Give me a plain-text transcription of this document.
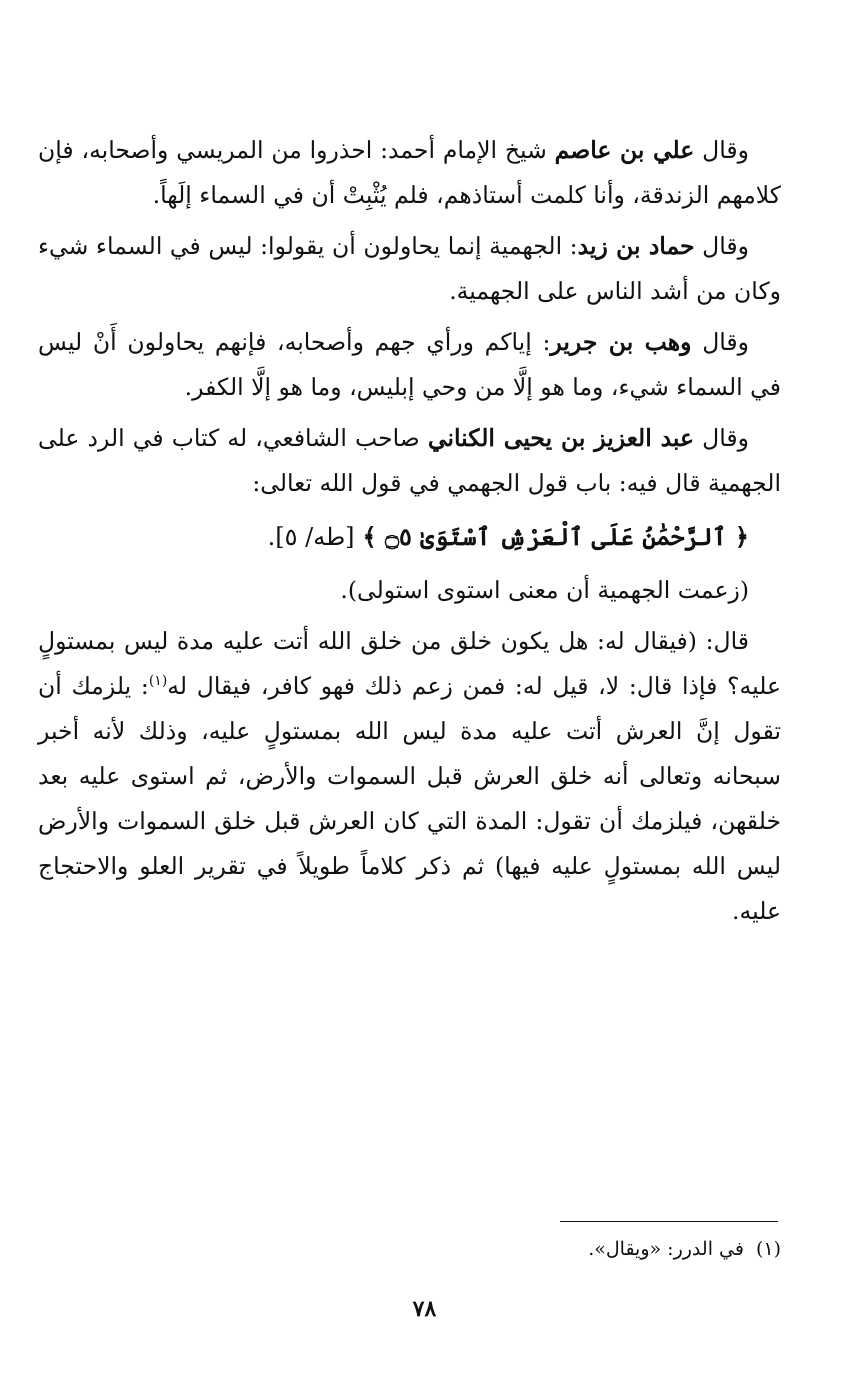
وقال علي بن عاصم شيخ الإمام أحمد: احذروا من المريسي وأصحابه، فإن كلامهم الزندقة، وأنا كلمت أستاذهم، فلم يُثْبِتْ أن في السماء إلَهاً.

وقال حماد بن زيد: الجهمية إنما يحاولون أن يقولوا: ليس في السماء شيء وكان من أشد الناس على الجهمية.

وقال وهب بن جرير: إياكم ورأي جهم وأصحابه، فإنهم يحاولون أَنْ ليس في السماء شيء، وما هو إلَّا من وحي إبليس، وما هو إلَّا الكفر.

وقال عبد العزيز بن يحيى الكناني صاحب الشافعي، له كتاب في الرد على الجهمية قال فيه: باب قول الجهمي في قول الله تعالى:

﴿ ٱلرَّحْمَٰنُ عَلَى ٱلْعَرْشِ ٱسْتَوَىٰ ۝٥ ﴾[طه/ ٥].

(زعمت الجهمية أن معنى استوى استولى).

قال: (فيقال له: هل يكون خلق من خلق الله أتت عليه مدة ليس بمستولٍ عليه؟ فإذا قال: لا، قيل له: فمن زعم ذلك فهو كافر، فيقال له$^{(١)}$: يلزمك أن تقول إنَّ العرش أتت عليه مدة ليس الله بمستولٍ عليه، وذلك لأنه أخبر سبحانه وتعالى أنه خلق العرش قبل السموات والأرض، ثم استوى عليه بعد خلقهن، فيلزمك أن تقول: المدة التي كان العرش قبل خلق السموات والأرض ليس الله بمستولٍ عليه فيها) ثم ذكر كلاماً طويلاً في تقرير العلو والاحتجاج عليه.

(١)في الدرر: «ويقال».
٧٨
